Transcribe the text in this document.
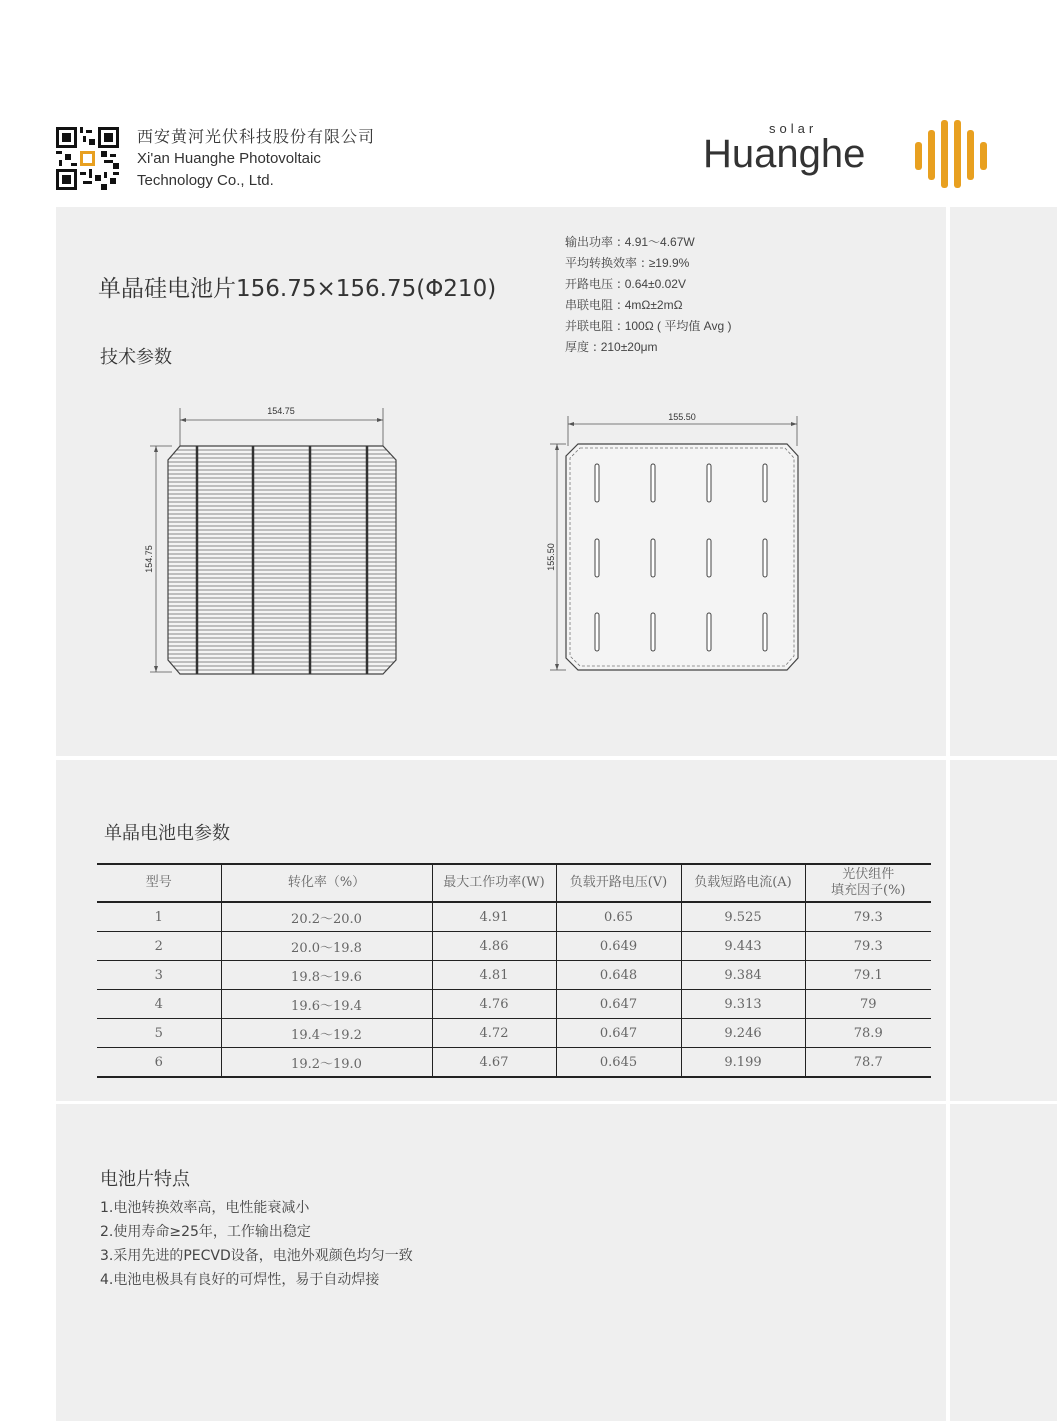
西安黄河光伏科技股份有限公司
Xi'an Huanghe Photovoltaic
Technology Co., Ltd.
solar
Huanghe
单晶硅电池片156.75×156.75(Φ210)
技术参数
输出功率 : 4.91～4.67W
平均转换效率 : ≥19.9%
开路电压 : 0.64±0.02V
串联电阻 : 4mΩ±2mΩ
并联电阻 : 100Ω ( 平均值 Avg )
厚度 : 210±20μm
154.75
154.75
155.50
155.50
单晶电池电参数
型号	转化率（%）	最大工作功率(W)	负载开路电压(V)	负载短路电流(A)	光伏组件
填充因子(%)
1	20.2～20.0	4.91	0.65	9.525	79.3
2	20.0～19.8	4.86	0.649	9.443	79.3
3	19.8～19.6	4.81	0.648	9.384	79.1
4	19.6～19.4	4.76	0.647	9.313	79
5	19.4～19.2	4.72	0.647	9.246	78.9
6	19.2～19.0	4.67	0.645	9.199	78.7
电池片特点
1.电池转换效率高，电性能衰减小
2.使用寿命≥25年，工作输出稳定
3.采用先进的PECVD设备，电池外观颜色均匀一致
4.电池电极具有良好的可焊性，易于自动焊接
